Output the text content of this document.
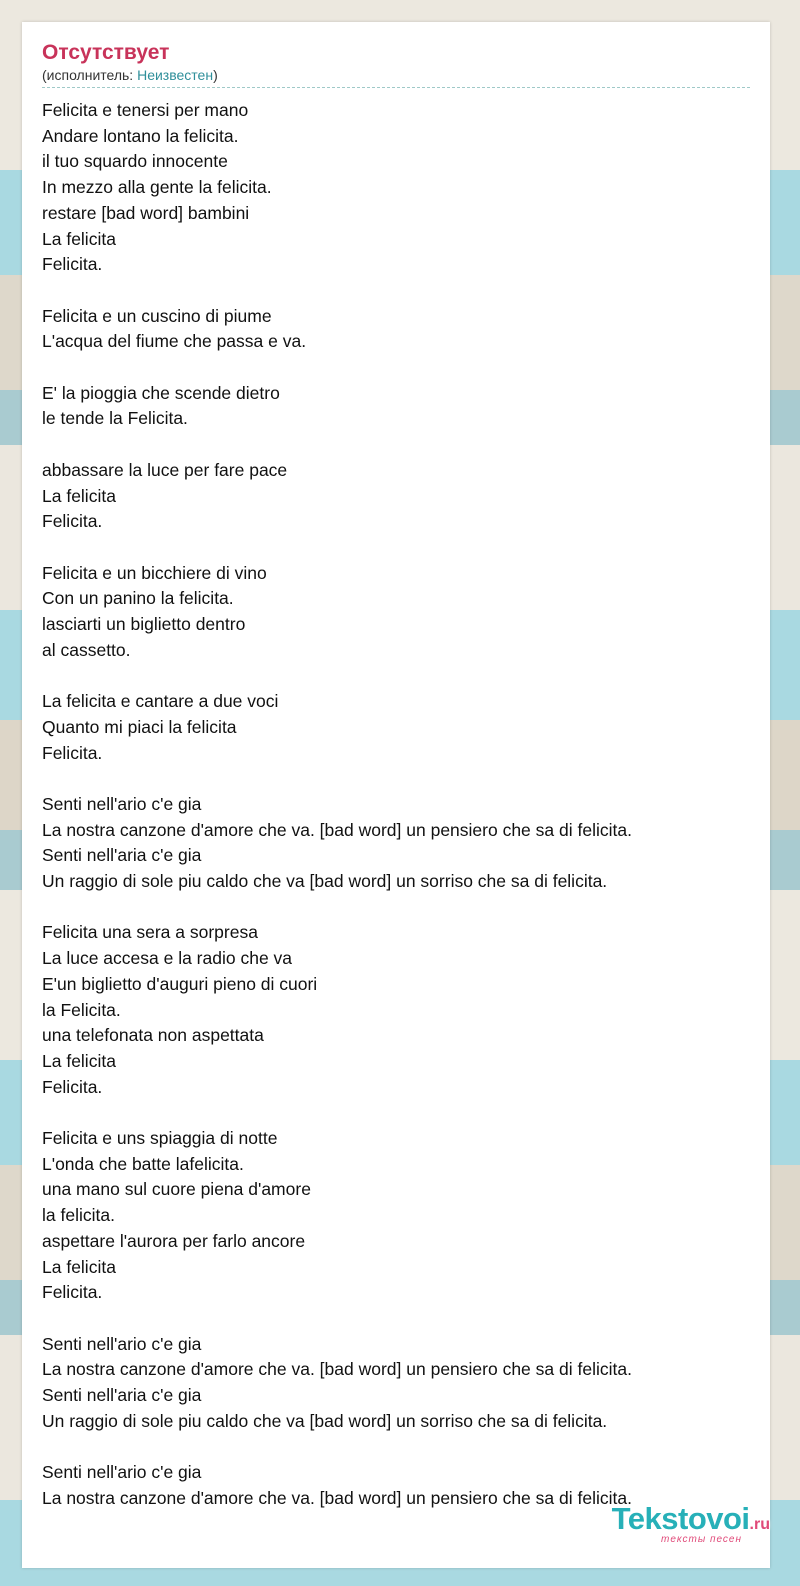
Отсутствует
(исполнитель: Неизвестен)
Felicita e tenersi per mano
Andare lontano la felicita.
il tuo squardo innocente
In mezzo alla gente la felicita.
restare [bad word] bambini
La felicita
Felicita.
Felicita e un cuscino di piume
L'acqua del fiume che passa e va.
E' la pioggia che scende dietro
le tende la Felicita.
abbassare la luce per fare pace
La felicita
Felicita.
Felicita e un bicchiere di vino
Con un panino la felicita.
lasciarti un biglietto dentro
al cassetto.
La felicita e cantare a due voci
Quanto mi piaci la felicita
Felicita.
Senti nell'ario c'e gia
La nostra canzone d'amore che va. [bad word] un pensiero che sa di felicita.
Senti nell'aria c'e gia
Un raggio di sole piu caldo che va [bad word] un sorriso che sa di felicita.
Felicita una sera a sorpresa
La luce accesa e la radio che va
E'un biglietto d'auguri pieno di cuori
la Felicita.
una telefonata non aspettata
La felicita
Felicita.
Felicita e uns spiaggia di notte
L'onda che batte lafelicita.
una mano sul cuore piena d'amore
la felicita.
aspettare l'aurora per farlo ancore
La felicita
Felicita.
Senti nell'ario c'e gia
La nostra canzone d'amore che va. [bad word] un pensiero che sa di felicita.
Senti nell'aria c'e gia
Un raggio di sole piu caldo che va [bad word] un sorriso che sa di felicita.
Senti nell'ario c'e gia
La nostra canzone d'amore che va. [bad word] un pensiero che sa di felicita.
Tekstovoi.ru
тексты песен
